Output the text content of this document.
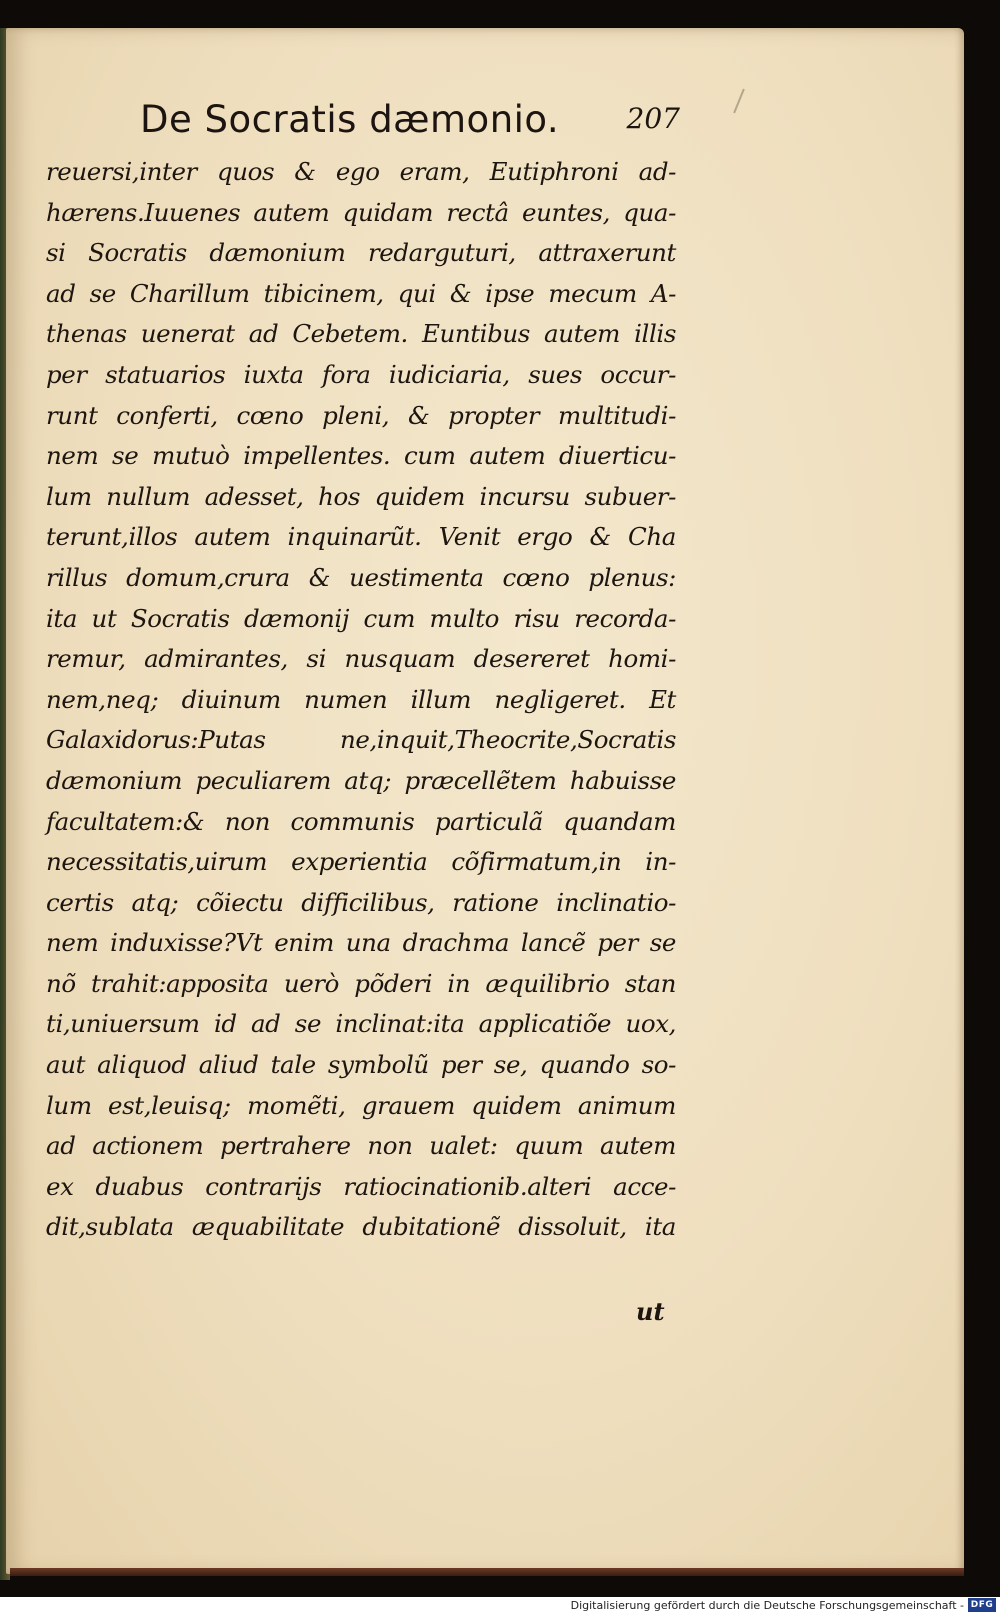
De Socratis dæmonio. 207
reuersi,inter quos & ego eram, Eutiphroni ad-
hærens.Iuuenes autem quidam rectâ euntes, qua-
si Socratis dæmonium redarguturi, attraxerunt
ad se Charillum tibicinem, qui & ipse mecum A-
thenas uenerat ad Cebetem. Euntibus autem illis
per statuarios iuxta fora iudiciaria, sues occur-
runt conferti, cœno pleni, & propter multitudi-
nem se mutuò impellentes. cum autem diuerticu-
lum nullum adesset, hos quidem incursu subuer-
terunt,illos autem inquinarũt. Venit ergo & Cha
rillus domum,crura & uestimenta cœno plenus:
ita ut Socratis dæmonij cum multo risu recorda-
remur, admirantes, si nusquam desereret homi-
nem,neq; diuinum numen illum negligeret. Et
Galaxidorus:Putas ne,inquit,Theocrite,Socratis
dæmonium peculiarem atq; præcellẽtem habuisse
facultatem:& non communis particulã quandam
necessitatis,uirum experientia cõfirmatum,in in-
certis atq; cõiectu difficilibus, ratione inclinatio-
nem induxisse?Vt enim una drachma lancẽ per se
nõ trahit:apposita uerò põderi in æquilibrio stan
ti,uniuersum id ad se inclinat:ita applicatiõe uox,
aut aliquod aliud tale symbolũ per se, quando so-
lum est,leuisq; momẽti, grauem quidem animum
ad actionem pertrahere non ualet: quum autem
ex duabus contrarijs ratiocinationib.alteri acce-
dit,sublata æquabilitate dubitationẽ dissoluit, ita
ut
Digitalisierung gefördert durch die Deutsche Forschungsgemeinschaft - DFG
